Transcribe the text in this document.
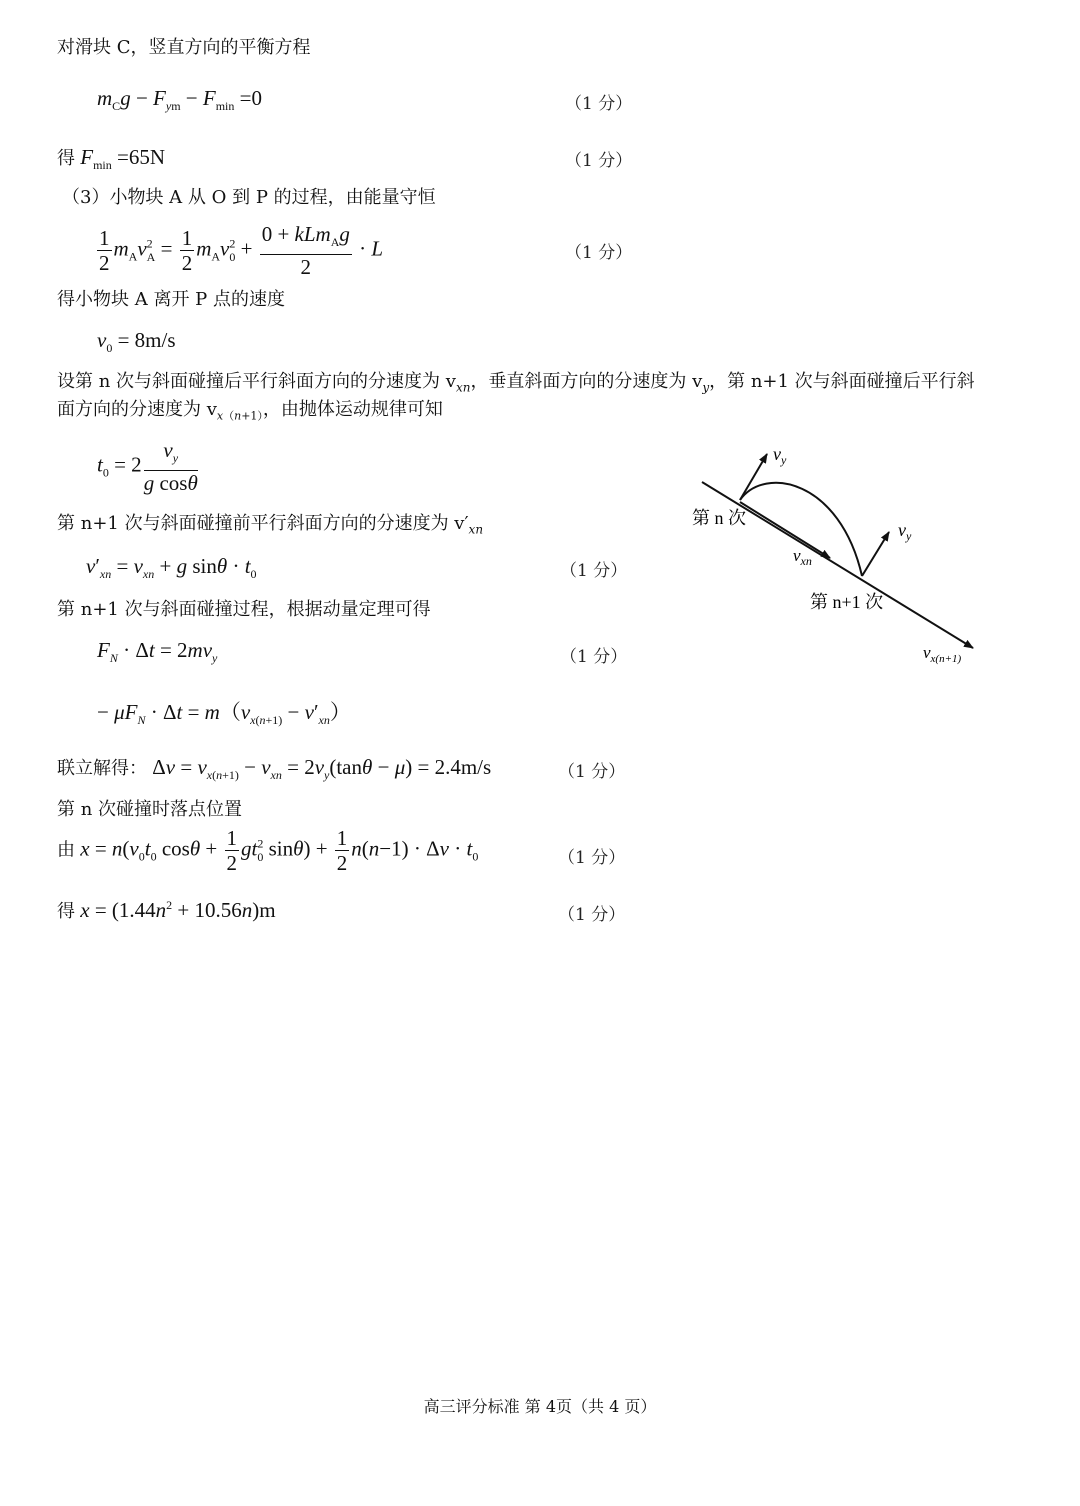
对滑块 C，竖直方向的平衡方程
$m_Cg - F_{ym} - F_{min} =0$	（1 分）
得 $F_{min} =65N$	（1 分）
（3）小物块 A 从 O 到 P 的过程，由能量守恒
$\frac{1}{2} m_Av^2_A = \frac{1}{2} m_Av^2_0 + \frac{0 + kLm_Ag}{2} \cdot L$	（1 分）
得小物块 A 离开 P 点的速度
$v_0 = 8m/s$
设第 n 次与斜面碰撞后平行斜面方向的分速度为 $v_{xn}$，垂直斜面方向的分速度为 $v_y$，第 n+1 次与斜面碰撞后平行斜
面方向的分速度为 $v_{x(n+1)}$，由抛体运动规律可知
$t_0 = 2 \frac{v_y}{\text{g cosθ}}$
第 n+1 次与斜面碰撞前平行斜面方向的分速度为 $v'_{xn}$
$v'_{xn} = v_{xn} + g$ $\sin\theta \cdot t_0$	（1 分）
第 n+1 次与斜面碰撞过程，根据动量定理可得
$F_N \cdot \Delta t = 2mv_y$	（1 分）
− $\mu F_N \cdot \Delta t = m(v_{x(n+1)} - v'_{xn})$
联立解得： $\Delta v = v_{x(n+1)} - v_{xn} = 2v_y(\tan\theta - \mu) = 2.4m/s$	（1 分）
第 n 次碰撞时落点位置
由 $x = n(v_0t_0$ $\cos\theta + \frac{1}{2} gt^2_0$ $\sin\theta) + \frac{1}{2} n(n-1) \cdot \Delta v \cdot t_0$	（1 分）
得 $x = (1.44n^2 + 10.56n)m$	（1 分）
$v_y$
$v_y$
$v_{xn}$
第 n 次
第 n+1 次
$v_{x(n+1)}$
高三评分标准 第 4页（共 4 页）
